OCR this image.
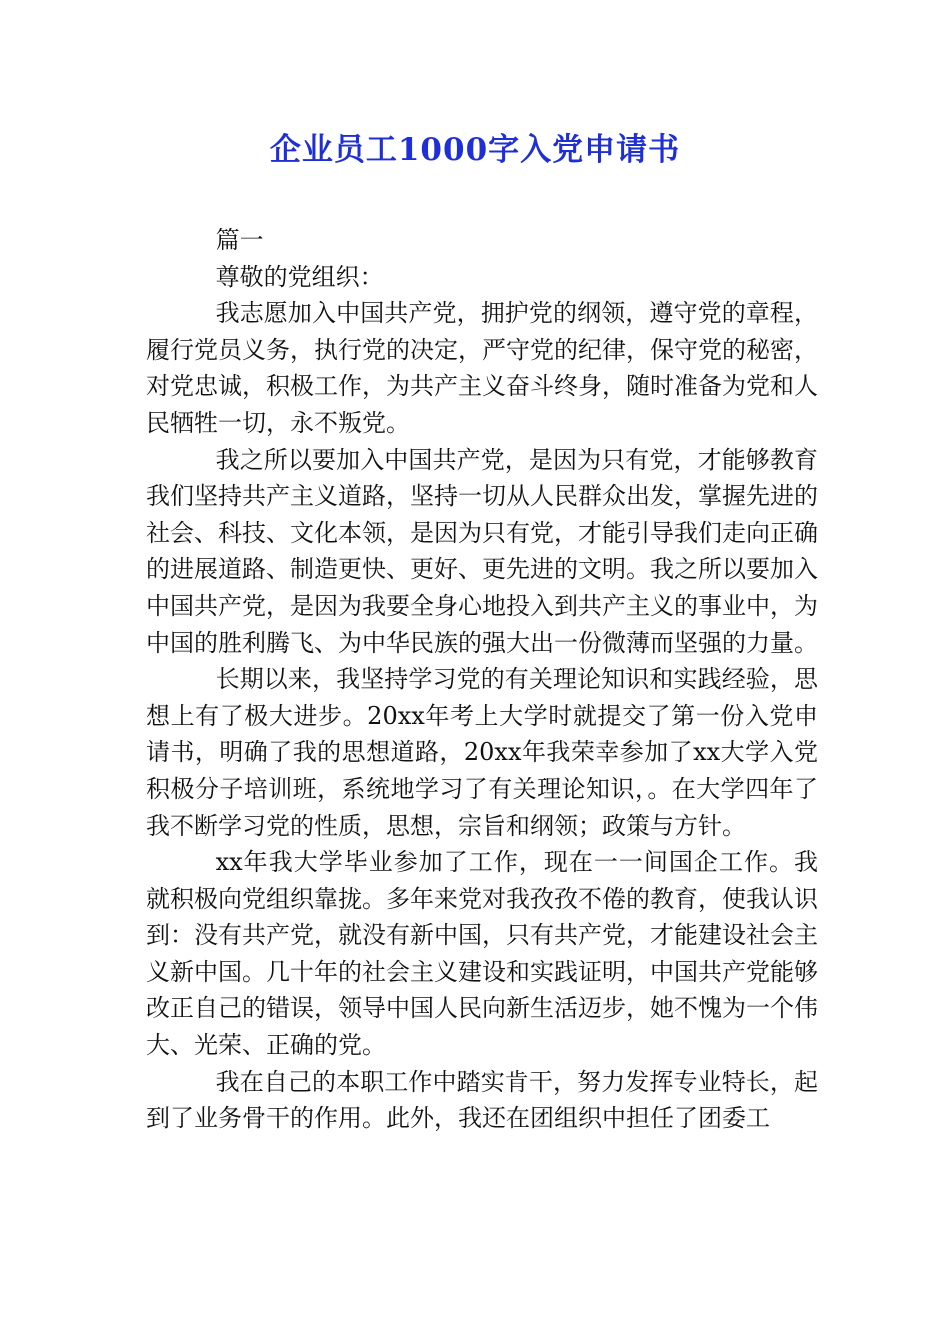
企业员工1000字入党申请书

篇一

尊敬的党组织：

我志愿加入中国共产党，拥护党的纲领，遵守党的章程，履行党员义务，执行党的决定，严守党的纪律，保守党的秘密，对党忠诚，积极工作，为共产主义奋斗终身，随时准备为党和人民牺牲一切，永不叛党。

我之所以要加入中国共产党，是因为只有党，才能够教育我们坚持共产主义道路，坚持一切从人民群众出发，掌握先进的社会、科技、文化本领，是因为只有党，才能引导我们走向正确的进展道路、制造更快、更好、更先进的文明。我之所以要加入中国共产党，是因为我要全身心地投入到共产主义的事业中，为中国的胜利腾飞、为中华民族的强大出一份微薄而坚强的力量。

长期以来，我坚持学习党的有关理论知识和实践经验，思想上有了极大进步。20xx年考上大学时就提交了第一份入党申请书，明确了我的思想道路，20xx年我荣幸参加了xx大学入党积极分子培训班，系统地学习了有关理论知识，。在大学四年了我不断学习党的性质，思想，宗旨和纲领；政策与方针。

xx年我大学毕业参加了工作，现在一一间国企工作。我就积极向党组织靠拢。多年来党对我孜孜不倦的教育，使我认识到：没有共产党，就没有新中国，只有共产党，才能建设社会主义新中国。几十年的社会主义建设和实践证明，中国共产党能够改正自己的错误，领导中国人民向新生活迈步，她不愧为一个伟大、光荣、正确的党。

我在自己的本职工作中踏实肯干，努力发挥专业特长，起到了业务骨干的作用。此外，我还在团组织中担任了团委工
